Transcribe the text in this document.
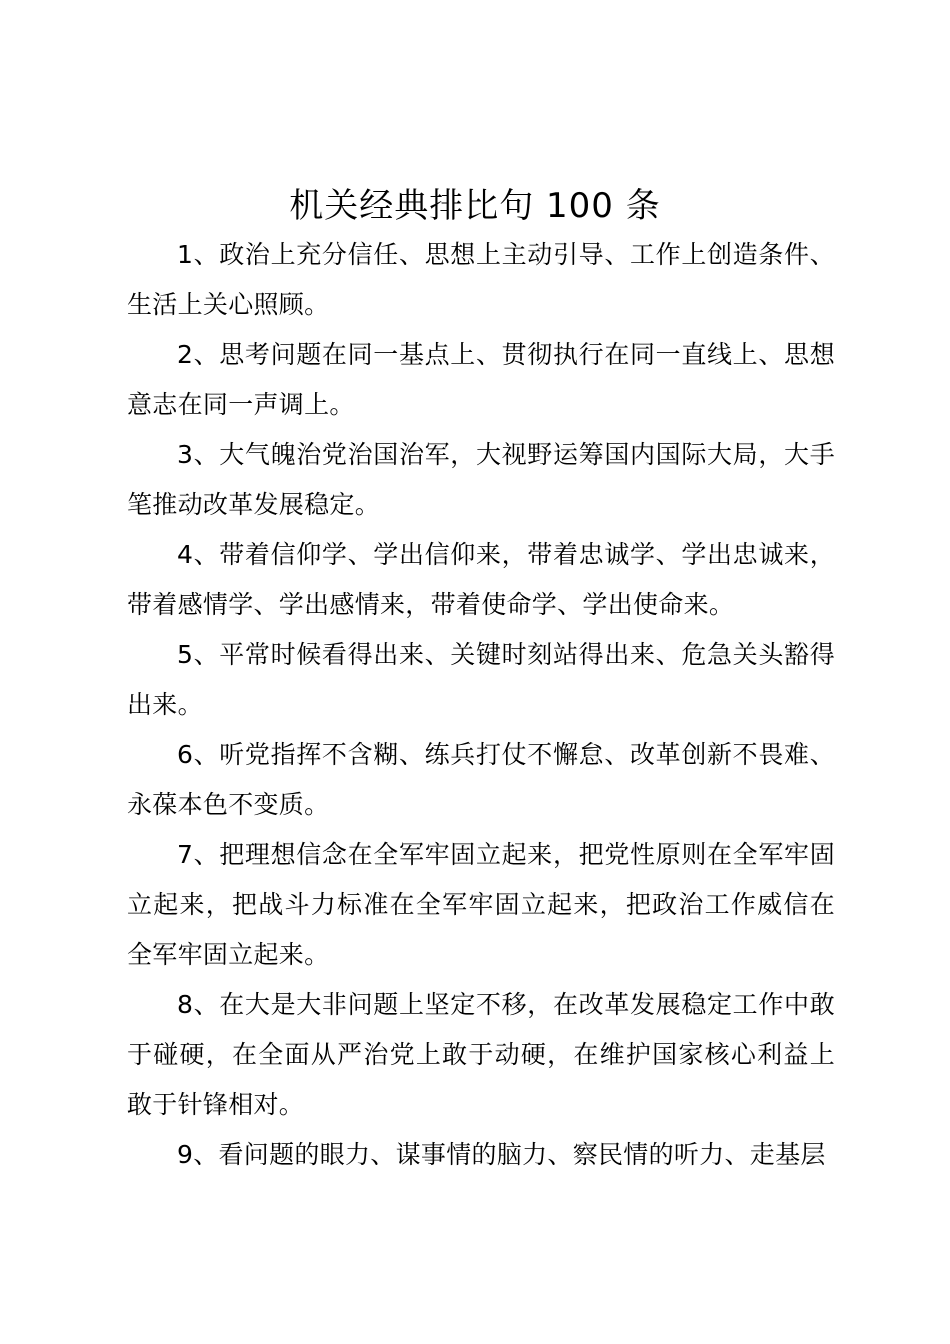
机关经典排比句 100 条

1、政治上充分信任、思想上主动引导、工作上创造条件、生活上关心照顾。

2、思考问题在同一基点上、贯彻执行在同一直线上、思想意志在同一声调上。

3、大气魄治党治国治军，大视野运筹国内国际大局，大手笔推动改革发展稳定。

4、带着信仰学、学出信仰来，带着忠诚学、学出忠诚来，带着感情学、学出感情来，带着使命学、学出使命来。

5、平常时候看得出来、关键时刻站得出来、危急关头豁得出来。

6、听党指挥不含糊、练兵打仗不懈怠、改革创新不畏难、永葆本色不变质。

7、把理想信念在全军牢固立起来，把党性原则在全军牢固立起来，把战斗力标准在全军牢固立起来，把政治工作威信在全军牢固立起来。

8、在大是大非问题上坚定不移，在改革发展稳定工作中敢于碰硬，在全面从严治党上敢于动硬，在维护国家核心利益上敢于针锋相对。

9、看问题的眼力、谋事情的脑力、察民情的听力、走基层
